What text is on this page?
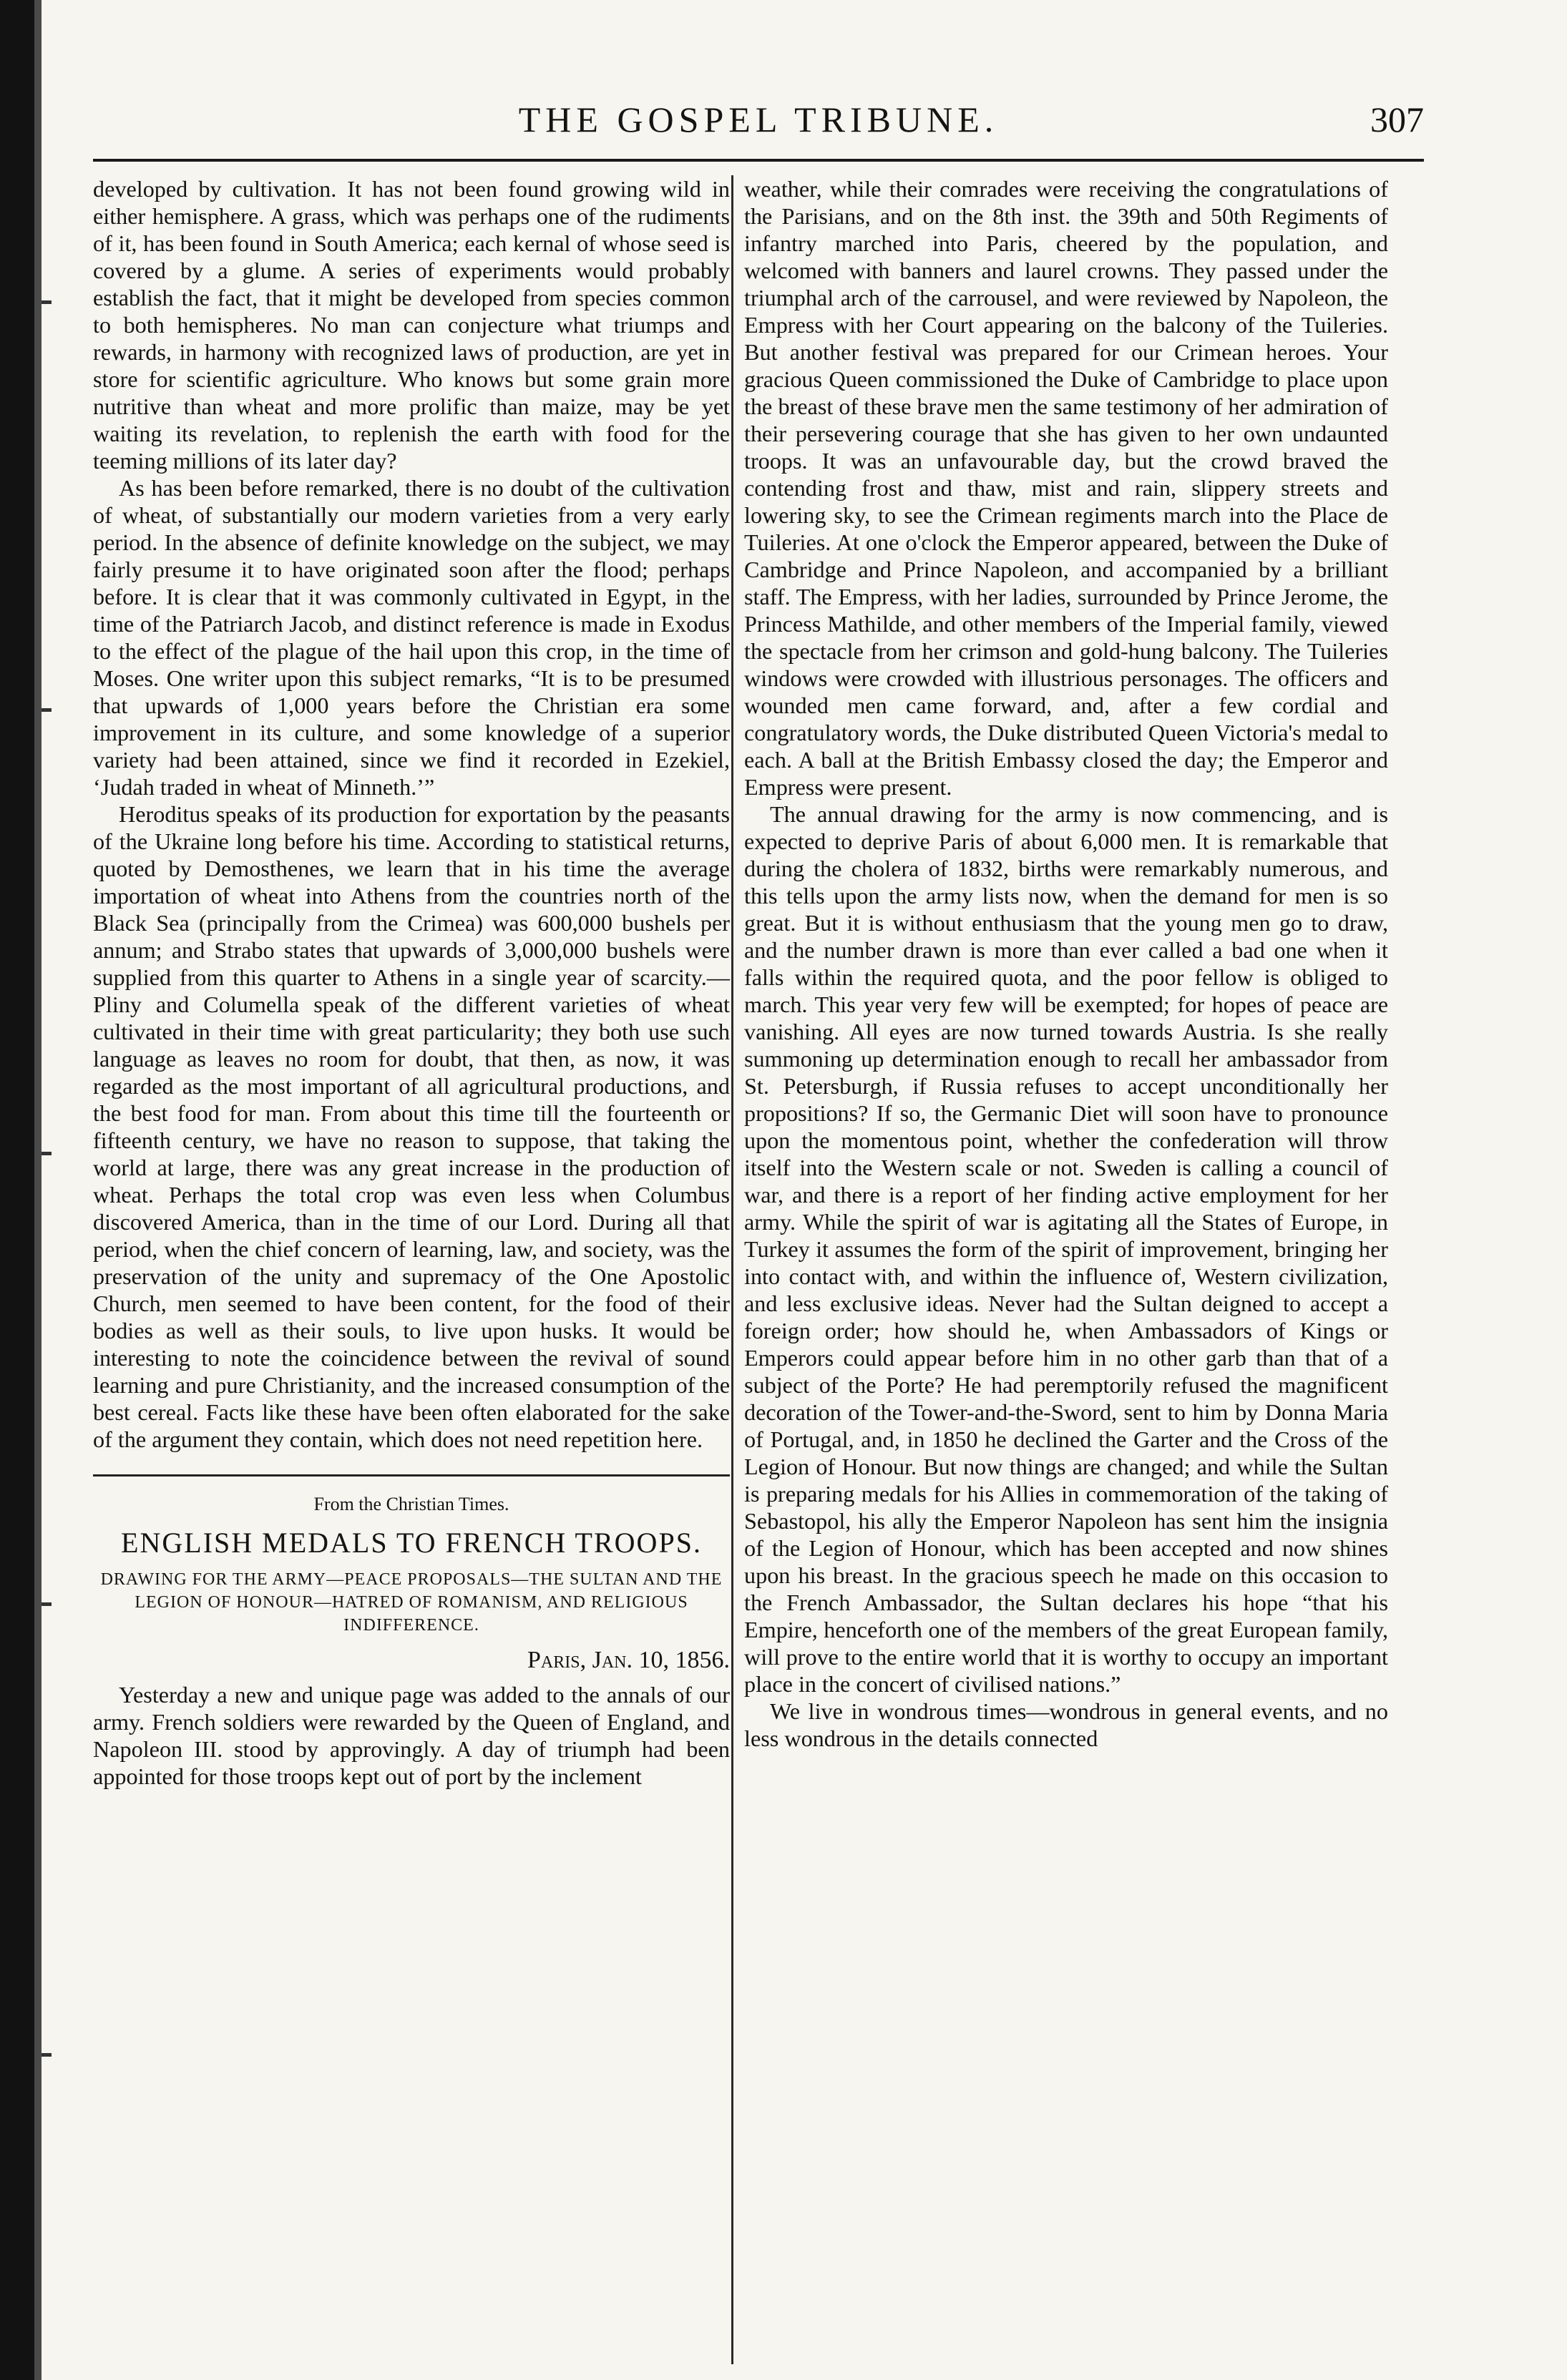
THE GOSPEL TRIBUNE.	307

developed by cultivation. It has not been found growing wild in either hemisphere. A grass, which was perhaps one of the rudiments of it, has been found in South America; each kernal of whose seed is covered by a glume. A series of experiments would probably establish the fact, that it might be developed from species common to both hemispheres. No man can conjecture what triumps and rewards, in harmony with recognized laws of production, are yet in store for scientific agriculture. Who knows but some grain more nutritive than wheat and more prolific than maize, may be yet waiting its revelation, to replenish the earth with food for the teeming millions of its later day?

As has been before remarked, there is no doubt of the cultivation of wheat, of substantially our modern varieties from a very early period. In the absence of definite knowledge on the subject, we may fairly presume it to have originated soon after the flood; perhaps before. It is clear that it was commonly cultivated in Egypt, in the time of the Patriarch Jacob, and distinct reference is made in Exodus to the effect of the plague of the hail upon this crop, in the time of Moses. One writer upon this subject remarks, “It is to be presumed that upwards of 1,000 years before the Christian era some improvement in its culture, and some knowledge of a superior variety had been attained, since we find it recorded in Ezekiel, ‘Judah traded in wheat of Minneth.’”

Heroditus speaks of its production for exportation by the peasants of the Ukraine long before his time. According to statistical returns, quoted by Demosthenes, we learn that in his time the average importation of wheat into Athens from the countries north of the Black Sea (principally from the Crimea) was 600,000 bushels per annum; and Strabo states that upwards of 3,000,000 bushels were supplied from this quarter to Athens in a single year of scarcity.—Pliny and Columella speak of the different varieties of wheat cultivated in their time with great particularity; they both use such language as leaves no room for doubt, that then, as now, it was regarded as the most important of all agricultural productions, and the best food for man. From about this time till the fourteenth or fifteenth century, we have no reason to suppose, that taking the world at large, there was any great increase in the production of wheat. Perhaps the total crop was even less when Columbus discovered America, than in the time of our Lord. During all that period, when the chief concern of learning, law, and society, was the preservation of the unity and supremacy of the One Apostolic Church, men seemed to have been content, for the food of their bodies as well as their souls, to live upon husks. It would be interesting to note the coincidence between the revival of sound learning and pure Christianity, and the increased consumption of the best cereal. Facts like these have been often elaborated for the sake of the argument they contain, which does not need repetition here.

From the Christian Times.
ENGLISH MEDALS TO FRENCH TROOPS.
DRAWING FOR THE ARMY—PEACE PROPOSALS—THE SULTAN AND THE LEGION OF HONOUR—HATRED OF ROMANISM, AND RELIGIOUS INDIFFERENCE.
Paris, Jan. 10, 1856.

Yesterday a new and unique page was added to the annals of our army. French soldiers were rewarded by the Queen of England, and Napoleon III. stood by approvingly. A day of triumph had been appointed for those troops kept out of port by the inclement

weather, while their comrades were receiving the congratulations of the Parisians, and on the 8th inst. the 39th and 50th Regiments of infantry marched into Paris, cheered by the population, and welcomed with banners and laurel crowns. They passed under the triumphal arch of the carrousel, and were reviewed by Napoleon, the Empress with her Court appearing on the balcony of the Tuileries. But another festival was prepared for our Crimean heroes. Your gracious Queen commissioned the Duke of Cambridge to place upon the breast of these brave men the same testimony of her admiration of their persevering courage that she has given to her own undaunted troops. It was an unfavourable day, but the crowd braved the contending frost and thaw, mist and rain, slippery streets and lowering sky, to see the Crimean regiments march into the Place de Tuileries. At one o'clock the Emperor appeared, between the Duke of Cambridge and Prince Napoleon, and accompanied by a brilliant staff. The Empress, with her ladies, surrounded by Prince Jerome, the Princess Mathilde, and other members of the Imperial family, viewed the spectacle from her crimson and gold-hung balcony. The Tuileries windows were crowded with illustrious personages. The officers and wounded men came forward, and, after a few cordial and congratulatory words, the Duke distributed Queen Victoria's medal to each. A ball at the British Embassy closed the day; the Emperor and Empress were present.

The annual drawing for the army is now commencing, and is expected to deprive Paris of about 6,000 men. It is remarkable that during the cholera of 1832, births were remarkably numerous, and this tells upon the army lists now, when the demand for men is so great. But it is without enthusiasm that the young men go to draw, and the number drawn is more than ever called a bad one when it falls within the required quota, and the poor fellow is obliged to march. This year very few will be exempted; for hopes of peace are vanishing. All eyes are now turned towards Austria. Is she really summoning up determination enough to recall her ambassador from St. Petersburgh, if Russia refuses to accept unconditionally her propositions? If so, the Germanic Diet will soon have to pronounce upon the momentous point, whether the confederation will throw itself into the Western scale or not. Sweden is calling a council of war, and there is a report of her finding active employment for her army. While the spirit of war is agitating all the States of Europe, in Turkey it assumes the form of the spirit of improvement, bringing her into contact with, and within the influence of, Western civilization, and less exclusive ideas. Never had the Sultan deigned to accept a foreign order; how should he, when Ambassadors of Kings or Emperors could appear before him in no other garb than that of a subject of the Porte? He had peremptorily refused the magnificent decoration of the Tower-and-the-Sword, sent to him by Donna Maria of Portugal, and, in 1850 he declined the Garter and the Cross of the Legion of Honour. But now things are changed; and while the Sultan is preparing medals for his Allies in commemoration of the taking of Sebastopol, his ally the Emperor Napoleon has sent him the insignia of the Legion of Honour, which has been accepted and now shines upon his breast. In the gracious speech he made on this occasion to the French Ambassador, the Sultan declares his hope “that his Empire, henceforth one of the members of the great European family, will prove to the entire world that it is worthy to occupy an important place in the concert of civilised nations.”

We live in wondrous times—wondrous in general events, and no less wondrous in the details connected
